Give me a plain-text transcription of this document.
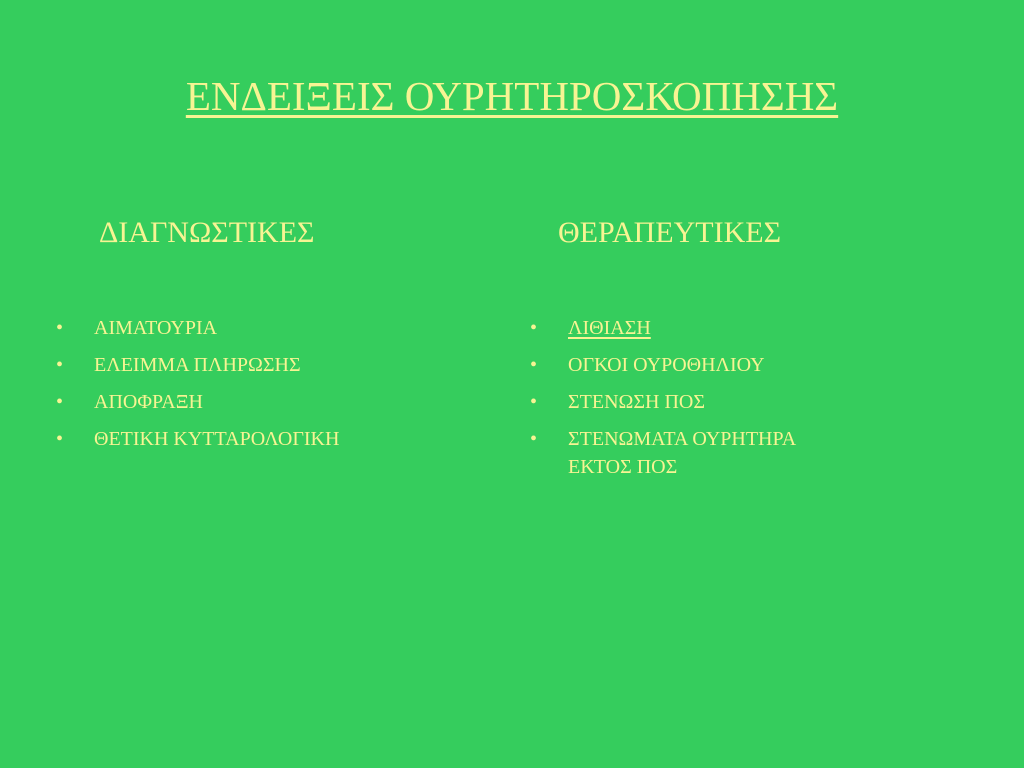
ΕΝΔΕΙΞΕΙΣ ΟΥΡΗΤΗΡΟΣΚΟΠΗΣΗΣ
ΔΙΑΓΝΩΣΤΙΚΕΣ	ΘΕΡΑΠΕΥΤΙΚΕΣ
• ΑΙΜΑΤΟΥΡΙΑ
• ΕΛΕΙΜΜΑ ΠΛΗΡΩΣΗΣ
• ΑΠΟΦΡΑΞΗ
• ΘΕΤΙΚΗ ΚΥΤΤΑΡΟΛΟΓΙΚΗ
• ΛΙΘΙΑΣΗ
• ΟΓΚΟΙ ΟΥΡΟΘΗΛΙΟΥ
• ΣΤΕΝΩΣΗ ΠΟΣ
• ΣΤΕΝΩΜΑΤΑ ΟΥΡΗΤΗΡΑ
ΕΚΤΟΣ ΠΟΣ
